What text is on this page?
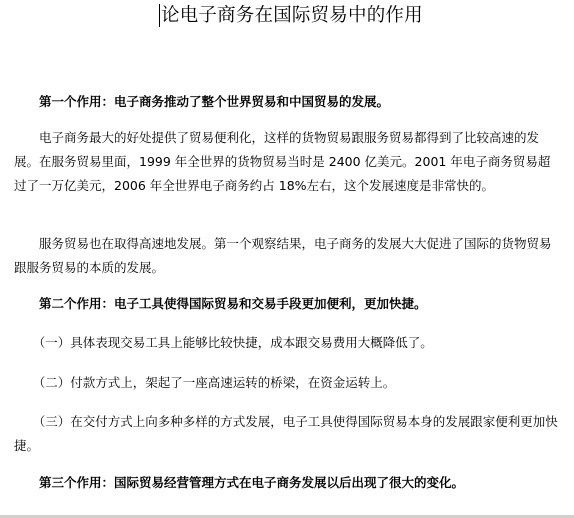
论电子商务在国际贸易中的作用

　　第一个作用：电子商务推动了整个世界贸易和中国贸易的发展。

　　电子商务最大的好处提供了贸易便利化，这样的货物贸易跟服务贸易都得到了比较高速的发展。在服务贸易里面，1999 年全世界的货物贸易当时是 2400 亿美元。2001 年电子商务贸易超过了一万亿美元，2006 年全世界电子商务约占 18%左右，这个发展速度是非常快的。

　　服务贸易也在取得高速地发展。第一个观察结果，电子商务的发展大大促进了国际的货物贸易跟服务贸易的本质的发展。

　　第二个作用：电子工具使得国际贸易和交易手段更加便利，更加快捷。

　　（一）具体表现交易工具上能够比较快捷，成本跟交易费用大概降低了。

　　（二）付款方式上，架起了一座高速运转的桥梁，在资金运转上。

　　（三）在交付方式上向多种多样的方式发展，电子工具使得国际贸易本身的发展跟家便利更加快捷。

　　第三个作用：国际贸易经营管理方式在电子商务发展以后出现了很大的变化。
